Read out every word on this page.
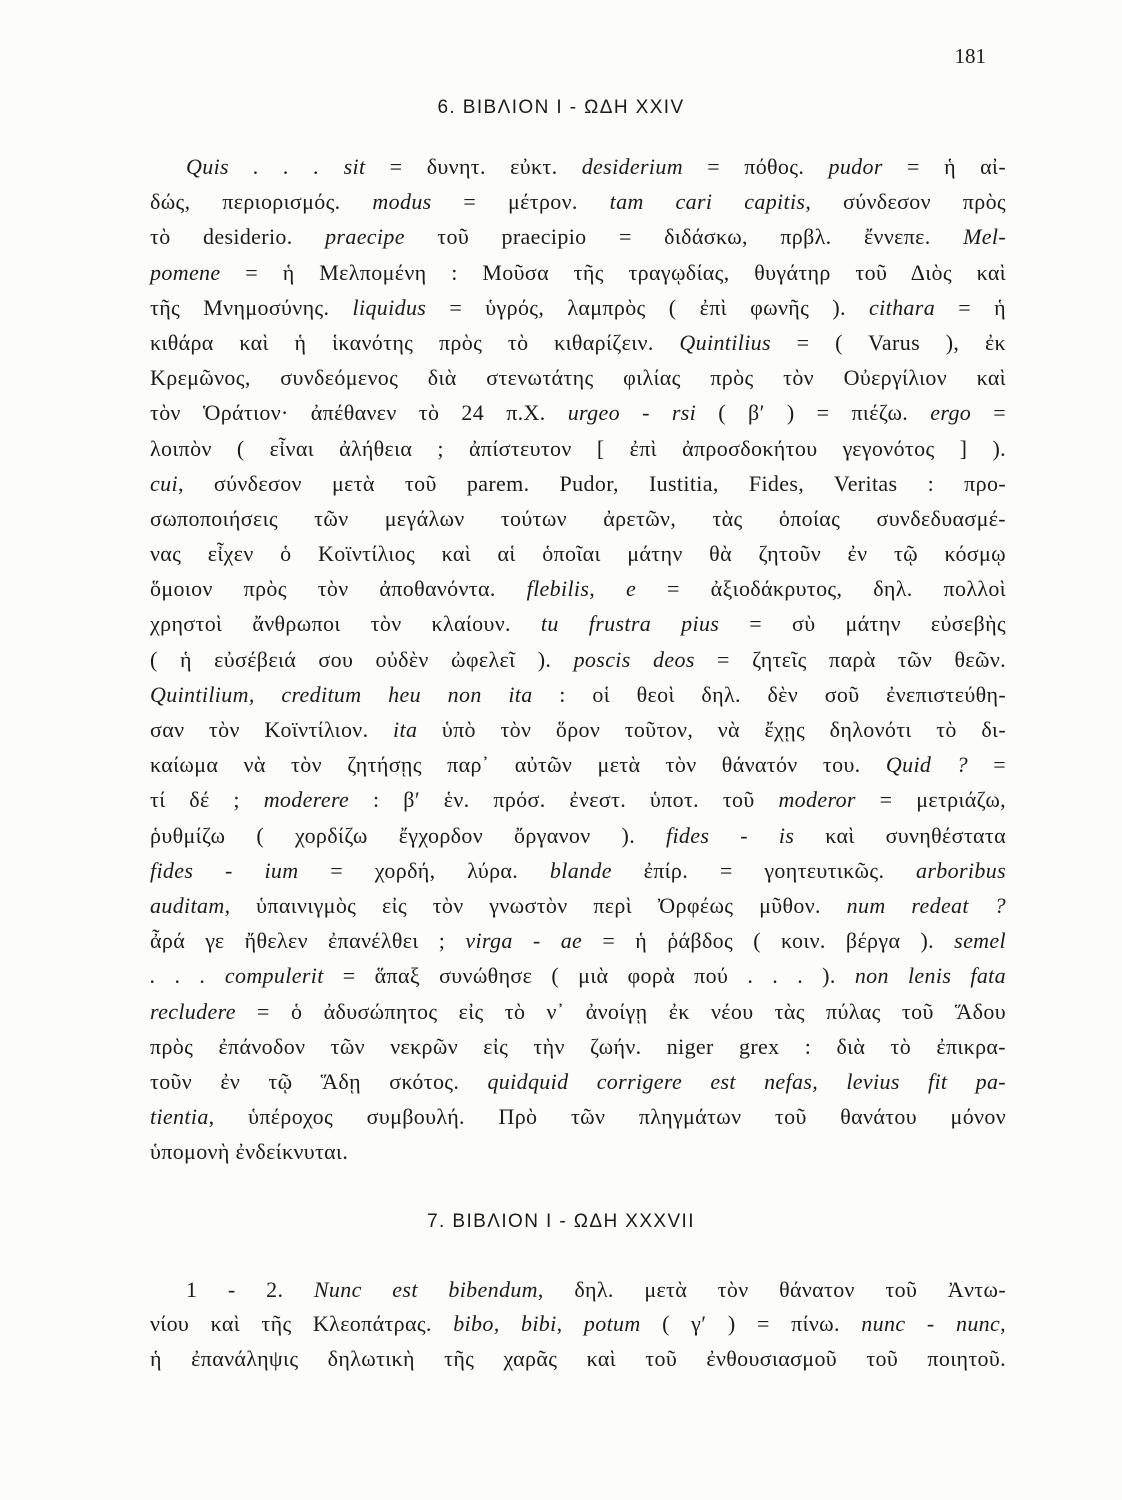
181
6. ΒΙΒΛΙΟΝ Ι - ΩΔΗ XXIV
Quis . . . sit = δυνητ. εὐκτ. desiderium = πόθος. pudor = ἡ αἰ-
δώς, περιορισμός. modus = μέτρον. tam cari capitis, σύνδεσον πρὸς
τὸ desiderio. praecipe τοῦ praecipio = διδάσκω, πρβλ. ἔννεπε. Mel-
pomene = ἡ Μελπομένη : Μοῦσα τῆς τραγῳδίας, θυγάτηρ τοῦ Διὸς καὶ
τῆς Μνημοσύνης. liquidus = ὑγρός, λαμπρὸς ( ἐπὶ φωνῆς ). cithara = ἡ
κιθάρα καὶ ἡ ἱκανότης πρὸς τὸ κιθαρίζειν. Quintilius = ( Varus ), ἐκ
Κρεμῶνος, συνδεόμενος διὰ στενωτάτης φιλίας πρὸς τὸν Οὐεργίλιον καὶ
τὸν Ὁράτιον· ἀπέθανεν τὸ 24 π.Χ. urgeo - rsi ( β′ ) = πιέζω. ergo =
λοιπὸν ( εἶναι ἀλήθεια ; ἀπίστευτον [ ἐπὶ ἀπροσδοκήτου γεγονότος ] ).
cui, σύνδεσον μετὰ τοῦ parem. Pudor, Iustitia, Fides, Veritas : προ-
σωποποιήσεις τῶν μεγάλων τούτων ἀρετῶν, τὰς ὁποίας συνδεδυασμέ-
νας εἶχεν ὁ Κοϊντίλιος καὶ αἱ ὁποῖαι μάτην θὰ ζητοῦν ἐν τῷ κόσμῳ
ὅμοιον πρὸς τὸν ἀποθανόντα. flebilis, e = ἀξιοδάκρυτος, δηλ. πολλοὶ
χρηστοὶ ἄνθρωποι τὸν κλαίουν. tu frustra pius = σὺ μάτην εὐσεβὴς
( ἡ εὐσέβειά σου οὐδὲν ὠφελεῖ ). poscis deos = ζητεῖς παρὰ τῶν θεῶν.
Quintilium, creditum heu non ita : οἱ θεοὶ δηλ. δὲν σοῦ ἐνεπιστεύθη-
σαν τὸν Κοϊντίλιον. ita ὑπὸ τὸν ὅρον τοῦτον, νὰ ἔχῃς δηλονότι τὸ δι-
καίωμα νὰ τὸν ζητήσῃς παρ᾽ αὐτῶν μετὰ τὸν θάνατόν του. Quid ? =
τί δέ ; moderere : β′ ἑν. πρόσ. ἐνεστ. ὑποτ. τοῦ moderor = μετριάζω,
ῥυθμίζω ( χορδίζω ἔγχορδον ὄργανον ). fides - is καὶ συνηθέστατα
fides - ium = χορδή, λύρα. blande ἐπίρ. = γοητευτικῶς. arboribus
auditam, ὑπαινιγμὸς εἰς τὸν γνωστὸν περὶ Ὀρφέως μῦθον. num redeat ?
ἆρά γε ἤθελεν ἐπανέλθει ; virga - ae = ἡ ῥάβδος ( κοιν. βέργα ). semel
. . . compulerit = ἅπαξ συνώθησε ( μιὰ φορὰ πού . . . ). non lenis fata
recludere = ὁ ἀδυσώπητος εἰς τὸ ν᾽ ἀνοίγῃ ἐκ νέου τὰς πύλας τοῦ Ἅδου
πρὸς ἐπάνοδον τῶν νεκρῶν εἰς τὴν ζωήν. niger grex : διὰ τὸ ἐπικρα-
τοῦν ἐν τῷ Ἅδῃ σκότος. quidquid corrigere est nefas, levius fit pa-
tientia, ὑπέροχος συμβουλή. Πρὸ τῶν πληγμάτων τοῦ θανάτου μόνον
ὑπομονὴ ἐνδείκνυται.
7. ΒΙΒΛΙΟΝ Ι - ΩΔΗ XXXVII
1 - 2. Nunc est bibendum, δηλ. μετὰ τὸν θάνατον τοῦ Ἀντω-
νίου καὶ τῆς Κλεοπάτρας. bibo, bibi, potum ( γ′ ) = πίνω. nunc - nunc,
ἡ ἐπανάληψις δηλωτικὴ τῆς χαρᾶς καὶ τοῦ ἐνθουσιασμοῦ τοῦ ποιητοῦ.
